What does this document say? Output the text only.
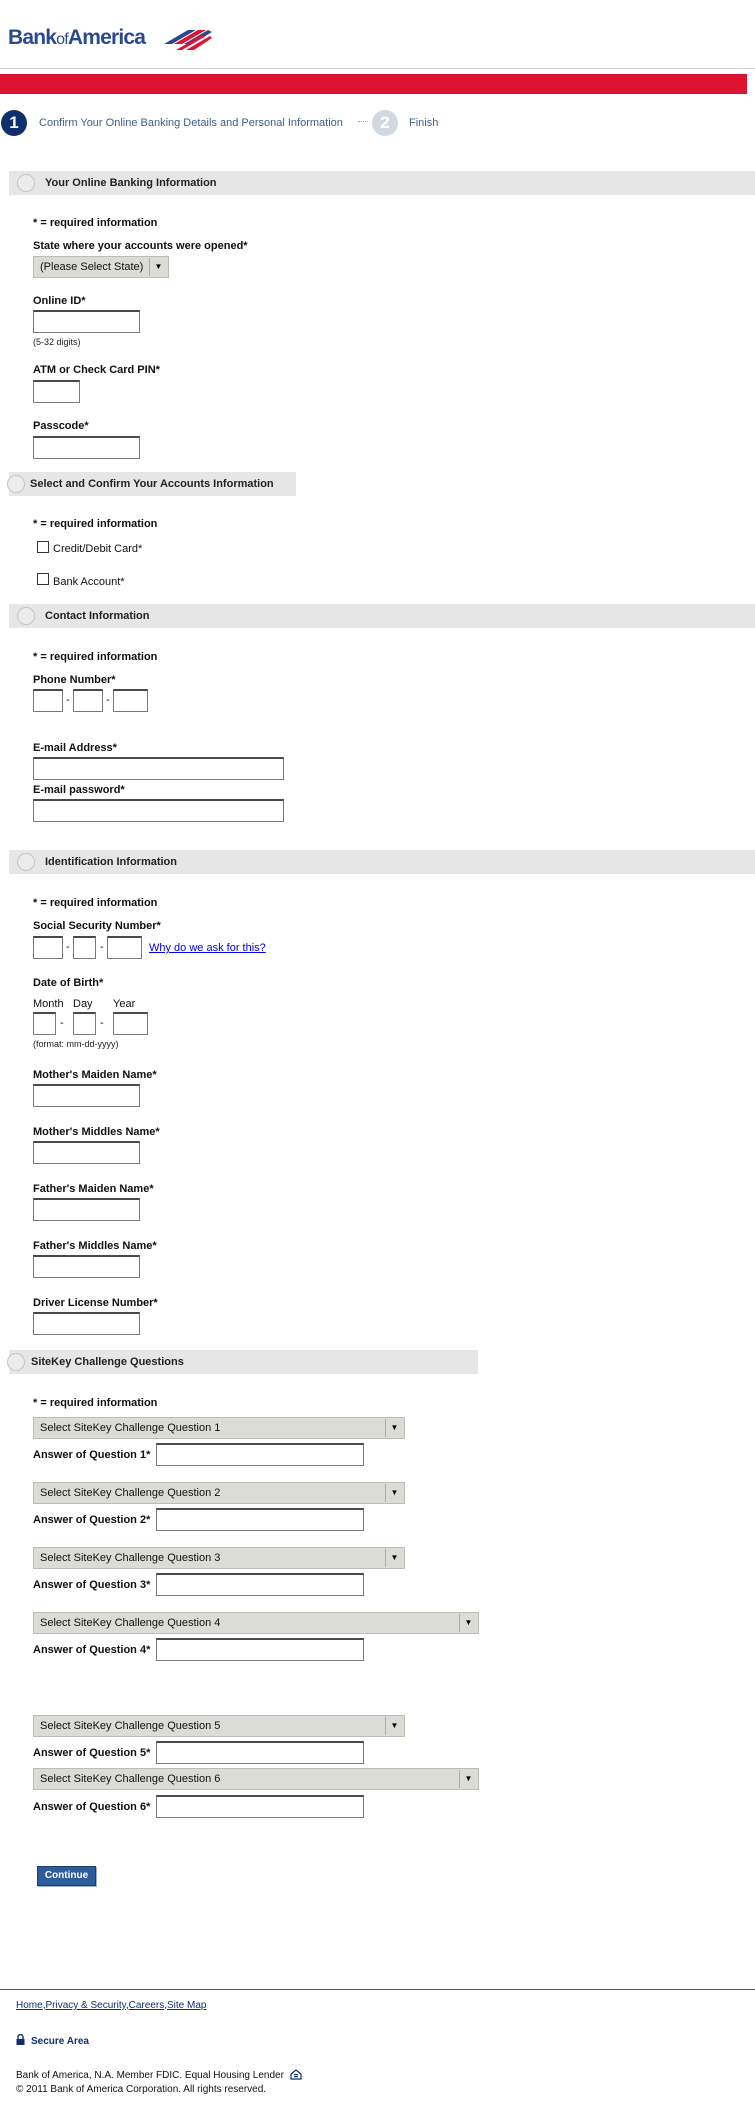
BankofAmerica
1	Confirm Your Online Banking Details and Personal Information	2	Finish
Your Online Banking Information
* = required information
State where your accounts were opened*
(Please Select State)	▼
Online ID*
(5-32 digits)
ATM or Check Card PIN*
Passcode*
Select and Confirm Your Accounts Information
* = required information
Credit/Debit Card*
Bank Account*
Contact Information
* = required information
Phone Number*
-	-
E-mail Address*
E-mail password*
Identification Information
* = required information
Social Security Number*
-	-	Why do we ask for this?
Date of Birth*
Month Day Year
-	-
(format: mm-dd-yyyy)
Mother's Maiden Name*
Mother's Middles Name*
Father's Maiden Name*
Father's Middles Name*
Driver License Number*
SiteKey Challenge Questions
* = required information
Select SiteKey Challenge Question 1	▼
Answer of Question 1*
Select SiteKey Challenge Question 2	▼
Answer of Question 2*
Select SiteKey Challenge Question 3	▼
Answer of Question 3*
Select SiteKey Challenge Question 4	▼
Answer of Question 4*
Select SiteKey Challenge Question 5	▼
Answer of Question 5*
Select SiteKey Challenge Question 6	▼
Answer of Question 6*
Continue
Home,Privacy & Security,Careers,Site Map
Secure Area
Bank of America, N.A. Member FDIC. Equal Housing Lender
© 2011 Bank of America Corporation. All rights reserved.
